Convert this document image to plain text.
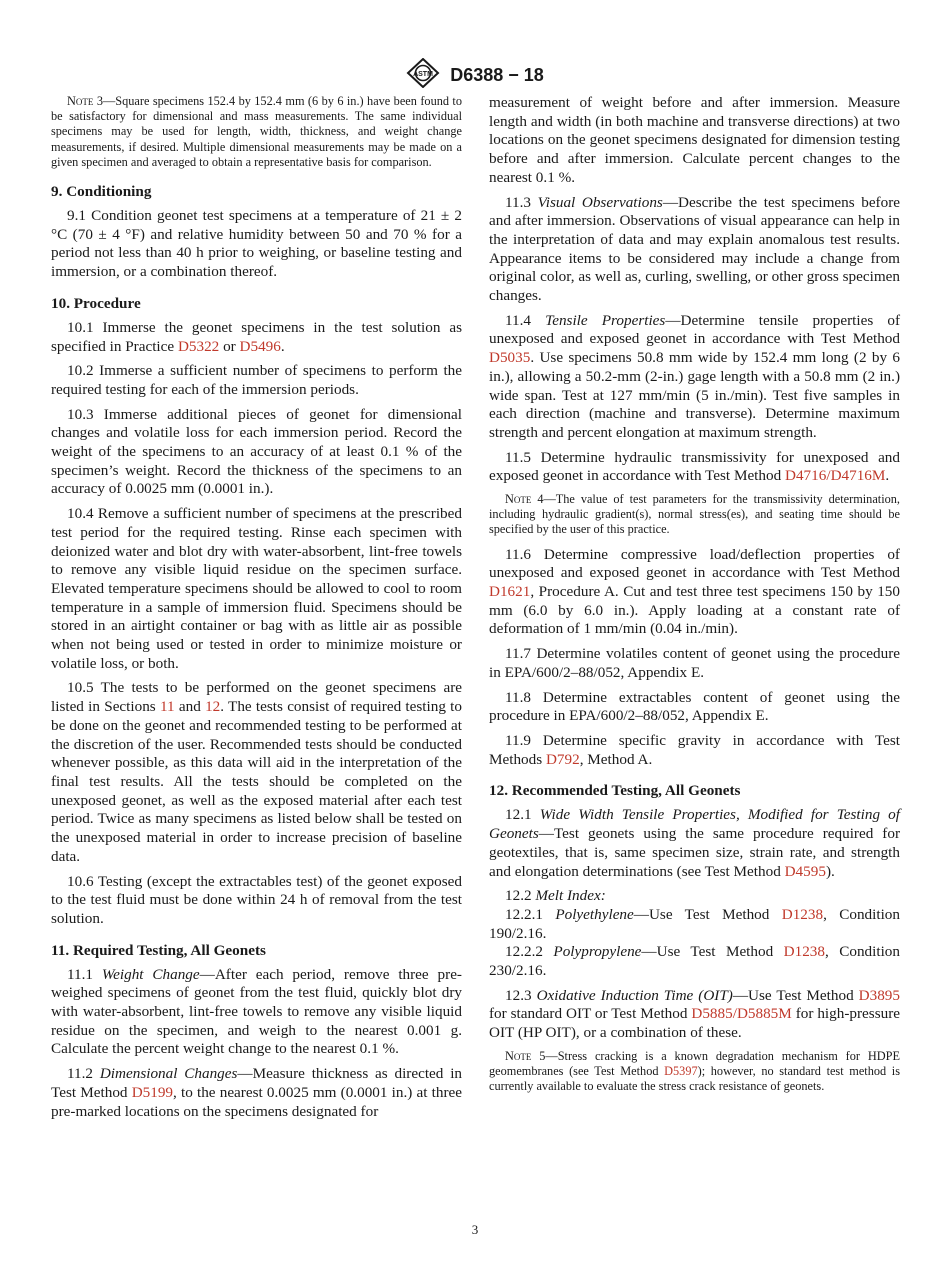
ASTM D6388 − 18

Note 3—Square specimens 152.4 by 152.4 mm (6 by 6 in.) have been found to be satisfactory for dimensional and mass measurements. The same individual specimens may be used for length, width, thickness, and weight change measurements, if desired. Multiple dimensional measurements may be made on a given specimen and averaged to obtain a representative basis for comparison.

9. Conditioning

9.1 Condition geonet test specimens at a temperature of 21 ± 2 °C (70 ± 4 °F) and relative humidity between 50 and 70 % for a period not less than 40 h prior to weighing, or baseline testing and immersion, or a combination thereof.

10. Procedure

10.1 Immerse the geonet specimens in the test solution as specified in Practice D5322 or D5496.

10.2 Immerse a sufficient number of specimens to perform the required testing for each of the immersion periods.

10.3 Immerse additional pieces of geonet for dimensional changes and volatile loss for each immersion period. Record the weight of the specimens to an accuracy of at least 0.1 % of the specimen’s weight. Record the thickness of the specimens to an accuracy of 0.0025 mm (0.0001 in.).

10.4 Remove a sufficient number of specimens at the prescribed test period for the required testing. Rinse each specimen with deionized water and blot dry with water-absorbent, lint-free towels to remove any visible liquid residue on the specimen surface. Elevated temperature specimens should be allowed to cool to room temperature in a sample of immersion fluid. Specimens should be stored in an airtight container or bag with as little air as possible when not being used or tested in order to minimize moisture or volatile loss, or both.

10.5 The tests to be performed on the geonet specimens are listed in Sections 11 and 12. The tests consist of required testing to be done on the geonet and recommended testing to be performed at the discretion of the user. Recommended tests should be conducted whenever possible, as this data will aid in the interpretation of the final test results. All the tests should be completed on the unexposed geonet, as well as the exposed material after each test period. Twice as many specimens as listed below shall be tested on the unexposed material in order to increase precision of baseline data.

10.6 Testing (except the extractables test) of the geonet exposed to the test fluid must be done within 24 h of removal from the test solution.

11. Required Testing, All Geonets

11.1 Weight Change—After each period, remove three pre-weighed specimens of geonet from the test fluid, quickly blot dry with water-absorbent, lint-free towels to remove any visible liquid residue on the specimen, and weigh to the nearest 0.001 g. Calculate the percent weight change to the nearest 0.1 %.

11.2 Dimensional Changes—Measure thickness as directed in Test Method D5199, to the nearest 0.0025 mm (0.0001 in.) at three pre-marked locations on the specimens designated for

measurement of weight before and after immersion. Measure length and width (in both machine and transverse directions) at two locations on the geonet specimens designated for dimension testing before and after immersion. Calculate percent changes to the nearest 0.1 %.

11.3 Visual Observations—Describe the test specimens before and after immersion. Observations of visual appearance can help in the interpretation of data and may explain anomalous test results. Appearance items to be considered may include a change from original color, as well as, curling, swelling, or other gross specimen changes.

11.4 Tensile Properties—Determine tensile properties of unexposed and exposed geonet in accordance with Test Method D5035. Use specimens 50.8 mm wide by 152.4 mm long (2 by 6 in.), allowing a 50.2-mm (2-in.) gage length with a 50.8 mm (2 in.) wide span. Test at 127 mm/min (5 in./min). Test five samples in each direction (machine and transverse). Determine maximum strength and percent elongation at maximum strength.

11.5 Determine hydraulic transmissivity for unexposed and exposed geonet in accordance with Test Method D4716/D4716M.

Note 4—The value of test parameters for the transmissivity determination, including hydraulic gradient(s), normal stress(es), and seating time should be specified by the user of this practice.

11.6 Determine compressive load/deflection properties of unexposed and exposed geonet in accordance with Test Method D1621, Procedure A. Cut and test three test specimens 150 by 150 mm (6.0 by 6.0 in.). Apply loading at a constant rate of deformation of 1 mm/min (0.04 in./min).

11.7 Determine volatiles content of geonet using the procedure in EPA/600/2–88/052, Appendix E.

11.8 Determine extractables content of geonet using the procedure in EPA/600/2–88/052, Appendix E.

11.9 Determine specific gravity in accordance with Test Methods D792, Method A.

12. Recommended Testing, All Geonets

12.1 Wide Width Tensile Properties, Modified for Testing of Geonets—Test geonets using the same procedure required for geotextiles, that is, same specimen size, strain rate, and strength and elongation determinations (see Test Method D4595).

12.2 Melt Index:

12.2.1 Polyethylene—Use Test Method D1238, Condition 190/2.16.

12.2.2 Polypropylene—Use Test Method D1238, Condition 230/2.16.

12.3 Oxidative Induction Time (OIT)—Use Test Method D3895 for standard OIT or Test Method D5885/D5885M for high-pressure OIT (HP OIT), or a combination of these.

Note 5—Stress cracking is a known degradation mechanism for HDPE geomembranes (see Test Method D5397); however, no standard test method is currently available to evaluate the stress crack resistance of geonets.

3
